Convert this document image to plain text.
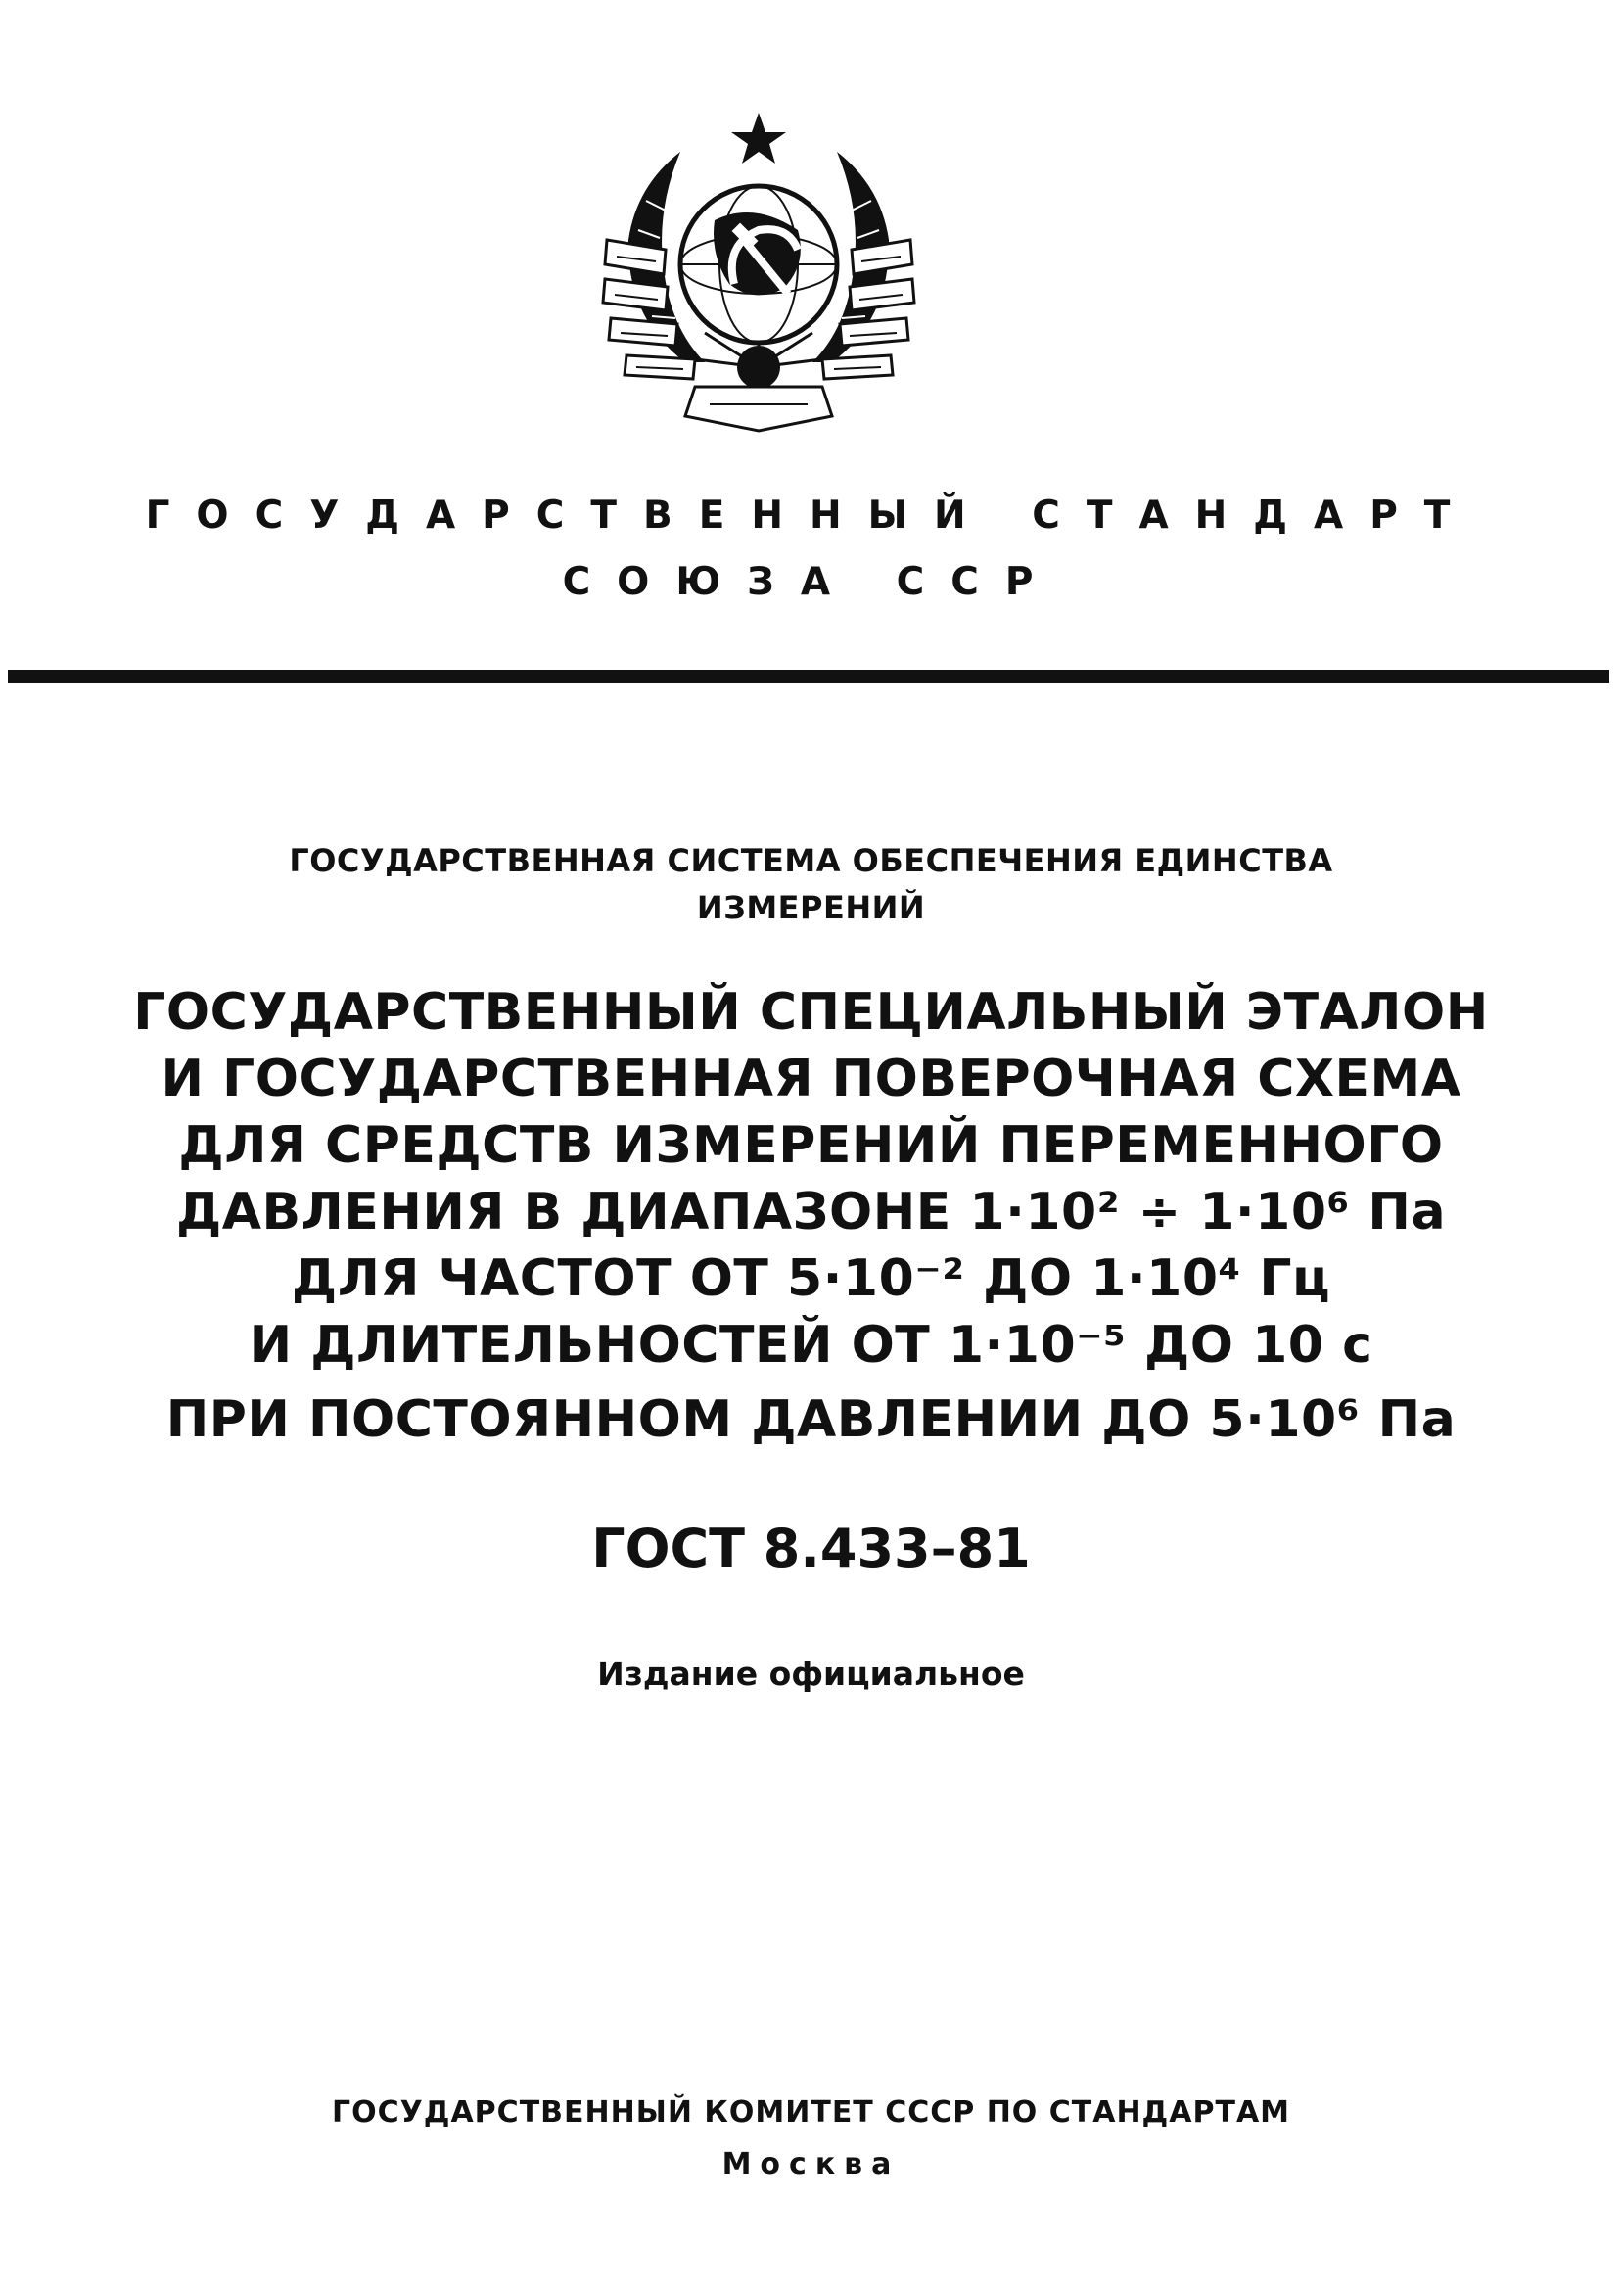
ГОСУДАРСТВЕННЫЙ СТАНДАРТ
СОЮЗА ССР
ГОСУДАРСТВЕННАЯ СИСТЕМА ОБЕСПЕЧЕНИЯ ЕДИНСТВА
ИЗМЕРЕНИЙ
ГОСУДАРСТВЕННЫЙ СПЕЦИАЛЬНЫЙ ЭТАЛОН
И ГОСУДАРСТВЕННАЯ ПОВЕРОЧНАЯ СХЕМА
ДЛЯ СРЕДСТВ ИЗМЕРЕНИЙ ПЕРЕМЕННОГО
ДАВЛЕНИЯ В ДИАПАЗОНЕ 1·10² ÷ 1·10⁶ Па
ДЛЯ ЧАСТОТ ОТ 5·10⁻² ДО 1·10⁴ Гц
И ДЛИТЕЛЬНОСТЕЙ ОТ 1·10⁻⁵ ДО 10 с
ПРИ ПОСТОЯННОМ ДАВЛЕНИИ ДО 5·10⁶ Па
ГОСТ 8.433–81
Издание официальное
ГОСУДАРСТВЕННЫЙ КОМИТЕТ СССР ПО СТАНДАРТАМ
Москва
